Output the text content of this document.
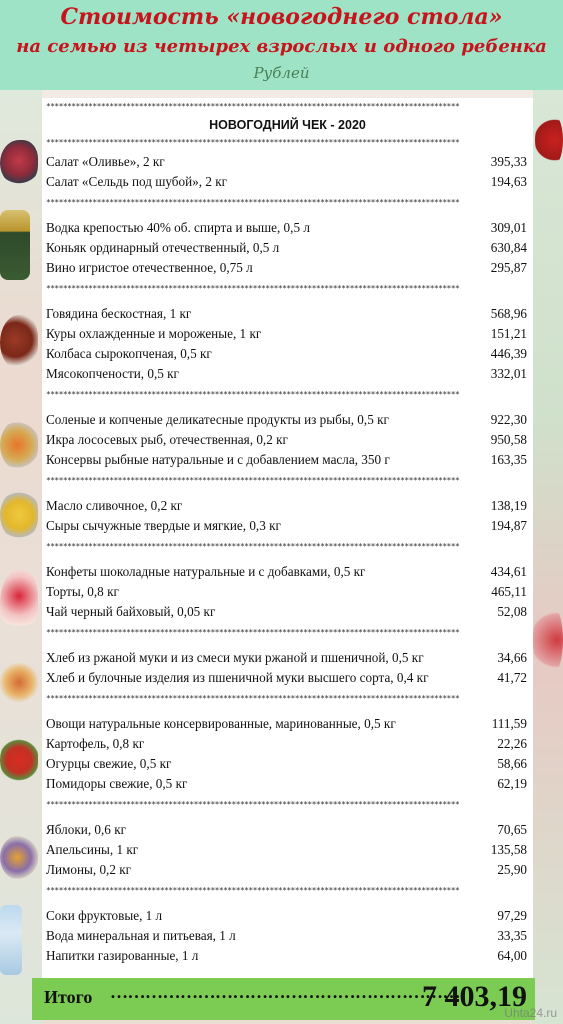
Стоимость «новогоднего стола»
на семью из четырех взрослых и одного ребенка
Рублей
**************************************************************************************************
НОВОГОДНИЙ ЧЕК - 2020
**************************************************************************************************
Салат «Оливье», 2 кг	395,33
Салат «Сельдь под шубой», 2 кг	194,63
**************************************************************************************************
Водка крепостью 40% об. спирта и выше, 0,5 л	309,01
Коньяк ординарный отечественный, 0,5 л	630,84
Вино игристое отечественное, 0,75 л	295,87
**************************************************************************************************
Говядина бескостная, 1 кг	568,96
Куры охлажденные и мороженые, 1 кг	151,21
Колбаса сырокопченая, 0,5 кг	446,39
Мясокопчености, 0,5 кг	332,01
**************************************************************************************************
Соленые и копченые деликатесные продукты из рыбы, 0,5 кг	922,30
Икра лососевых рыб, отечественная, 0,2 кг	950,58
Консервы рыбные натуральные и с добавлением масла, 350 г	163,35
**************************************************************************************************
Масло сливочное, 0,2 кг	138,19
Сыры сычужные твердые и мягкие, 0,3 кг	194,87
**************************************************************************************************
Конфеты шоколадные натуральные и с добавками, 0,5 кг	434,61
Торты, 0,8 кг	465,11
Чай черный байховый, 0,05 кг	52,08
**************************************************************************************************
Хлеб из ржаной муки и из смеси муки ржаной и пшеничной, 0,5 кг	34,66
Хлеб и булочные изделия из пшеничной муки высшего сорта, 0,4 кг	41,72
**************************************************************************************************
Овощи натуральные консервированные, маринованные, 0,5 кг	111,59
Картофель, 0,8 кг	22,26
Огурцы свежие, 0,5 кг	58,66
Помидоры свежие, 0,5 кг	62,19
**************************************************************************************************
Яблоки, 0,6 кг	70,65
Апельсины, 1 кг	135,58
Лимоны, 0,2 кг	25,90
**************************************************************************************************
Соки фруктовые, 1 л	97,29
Вода минеральная и питьевая, 1 л	33,35
Напитки газированные, 1 л	64,00
Итого ……………………………………………………
7 403,19
Uhta24.ru
